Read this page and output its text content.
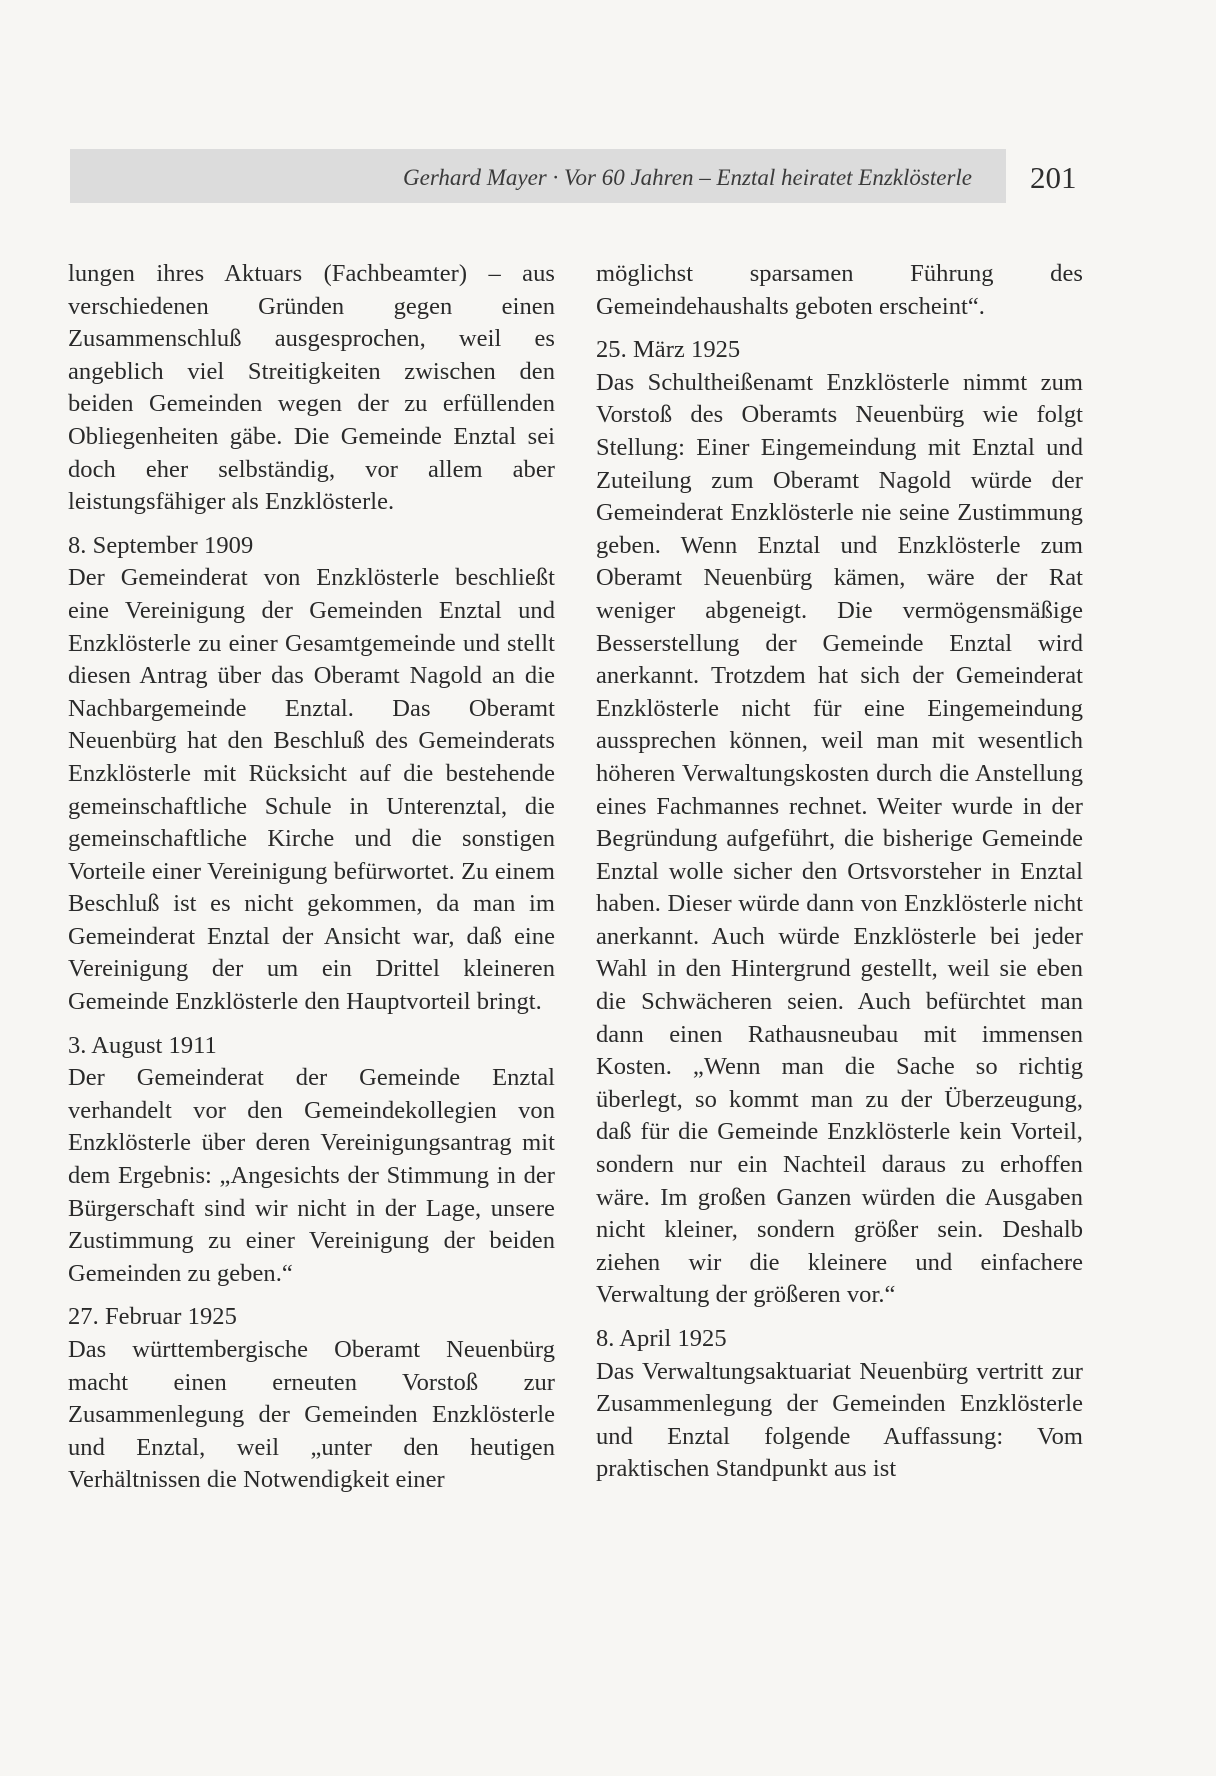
Gerhard Mayer · Vor 60 Jahren – Enztal heiratet Enzklösterle 201

lungen ihres Aktuars (Fachbeamter) – aus verschiedenen Gründen gegen einen Zusammenschluß ausgesprochen, weil es angeblich viel Streitigkeiten zwischen den beiden Gemeinden wegen der zu erfüllenden Obliegenheiten gäbe. Die Gemeinde Enztal sei doch eher selbständig, vor allem aber leistungsfähiger als Enzklösterle.

8. September 1909

Der Gemeinderat von Enzklösterle beschließt eine Vereinigung der Gemeinden Enztal und Enzklösterle zu einer Gesamtgemeinde und stellt diesen Antrag über das Oberamt Nagold an die Nachbargemeinde Enztal. Das Oberamt Neuenbürg hat den Beschluß des Gemeinderats Enzklösterle mit Rücksicht auf die bestehende gemeinschaftliche Schule in Unterenztal, die gemeinschaftliche Kirche und die sonstigen Vorteile einer Vereinigung befürwortet. Zu einem Beschluß ist es nicht gekommen, da man im Gemeinderat Enztal der Ansicht war, daß eine Vereinigung der um ein Drittel kleineren Gemeinde Enzklösterle den Hauptvorteil bringt.

3. August 1911

Der Gemeinderat der Gemeinde Enztal verhandelt vor den Gemeindekollegien von Enzklösterle über deren Vereinigungsantrag mit dem Ergebnis: „Angesichts der Stimmung in der Bürgerschaft sind wir nicht in der Lage, unsere Zustimmung zu einer Vereinigung der beiden Gemeinden zu geben.“

27. Februar 1925

Das württembergische Oberamt Neuenbürg macht einen erneuten Vorstoß zur Zusammenlegung der Gemeinden Enzklösterle und Enztal, weil „unter den heutigen Verhältnissen die Notwendigkeit einer

möglichst sparsamen Führung des Gemeindehaushalts geboten erscheint“.

25. März 1925

Das Schultheißenamt Enzklösterle nimmt zum Vorstoß des Oberamts Neuenbürg wie folgt Stellung: Einer Eingemeindung mit Enztal und Zuteilung zum Oberamt Nagold würde der Gemeinderat Enzklösterle nie seine Zustimmung geben. Wenn Enztal und Enzklösterle zum Oberamt Neuenbürg kämen, wäre der Rat weniger abgeneigt. Die vermögensmäßige Besserstellung der Gemeinde Enztal wird anerkannt. Trotzdem hat sich der Gemeinderat Enzklösterle nicht für eine Eingemeindung aussprechen können, weil man mit wesentlich höheren Verwaltungskosten durch die Anstellung eines Fachmannes rechnet. Weiter wurde in der Begründung aufgeführt, die bisherige Gemeinde Enztal wolle sicher den Ortsvorsteher in Enztal haben. Dieser würde dann von Enzklösterle nicht anerkannt. Auch würde Enzklösterle bei jeder Wahl in den Hintergrund gestellt, weil sie eben die Schwächeren seien. Auch befürchtet man dann einen Rathausneubau mit immensen Kosten. „Wenn man die Sache so richtig überlegt, so kommt man zu der Überzeugung, daß für die Gemeinde Enzklösterle kein Vorteil, sondern nur ein Nachteil daraus zu erhoffen wäre. Im großen Ganzen würden die Ausgaben nicht kleiner, sondern größer sein. Deshalb ziehen wir die kleinere und einfachere Verwaltung der größeren vor.“

8. April 1925

Das Verwaltungsaktuariat Neuenbürg vertritt zur Zusammenlegung der Gemeinden Enzklösterle und Enztal folgende Auffassung: Vom praktischen Standpunkt aus ist
